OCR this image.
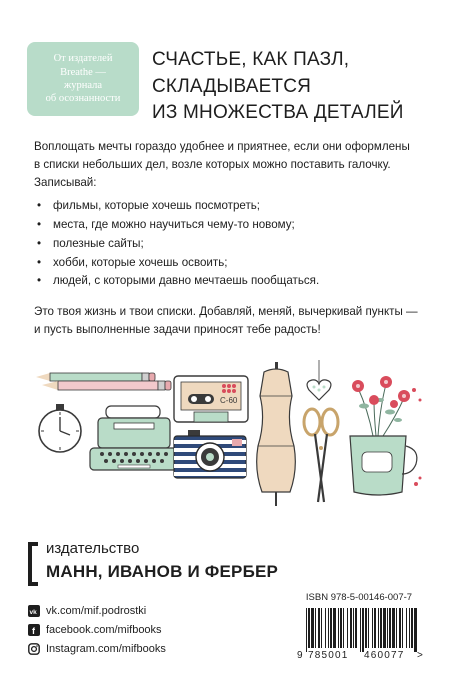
От издателей
Breathe —
журнала
об осознанности
СЧАСТЬЕ, КАК ПАЗЛ,
СКЛАДЫВАЕТСЯ
ИЗ МНОЖЕСТВА ДЕТАЛЕЙ

Воплощать мечты гораздо удобнее и приятнее, если они оформлены

в списки небольших дел, возле которых можно поставить галочку.

Записывай:

• фильмы, которые хочешь посмотреть;
• места, где можно научиться чему-то новому;
• полезные сайты;
• хобби, которые хочешь освоить;
• людей, с которыми давно мечтаешь пообщаться.

Это твоя жизнь и твои списки. Добавляй, меняй, вычеркивай пункты —

и пусть выполненные задачи приносят тебе радость!

C-60
издательство
МАНН, ИВАНОВ И ФЕРБЕР
vk vk.com/mif.podrostki
f facebook.com/mifbooks
Instagram.com/mifbooks
ISBN 978-5-00146-007-7
9 785001 460077 >
